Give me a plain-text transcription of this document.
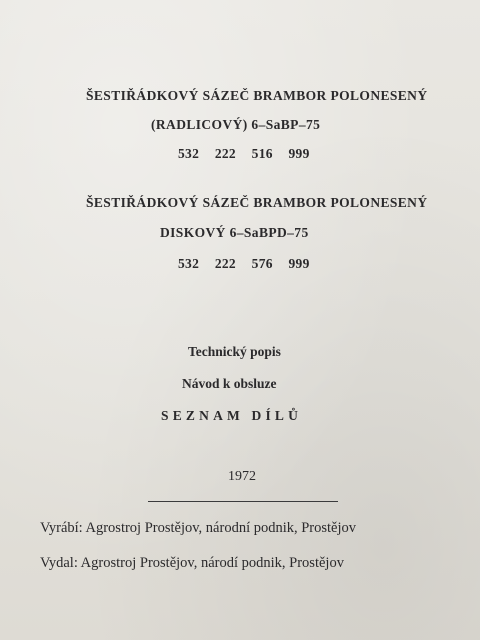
ŠESTIŘÁDKOVÝ SÁZEČ BRAMBOR POLONESENÝ
(RADLICOVÝ) 6–SaBP–75
532 222 516 999
ŠESTIŘÁDKOVÝ SÁZEČ BRAMBOR POLONESENÝ
DISKOVÝ 6–SaBPD–75
532 222 576 999
Technický popis
Návod k obsluze
SEZNAM DÍLŮ
1972
Vyrábí: Agrostroj Prostějov, národní podnik, Prostějov
Vydal: Agrostroj Prostějov, národí podnik, Prostějov
